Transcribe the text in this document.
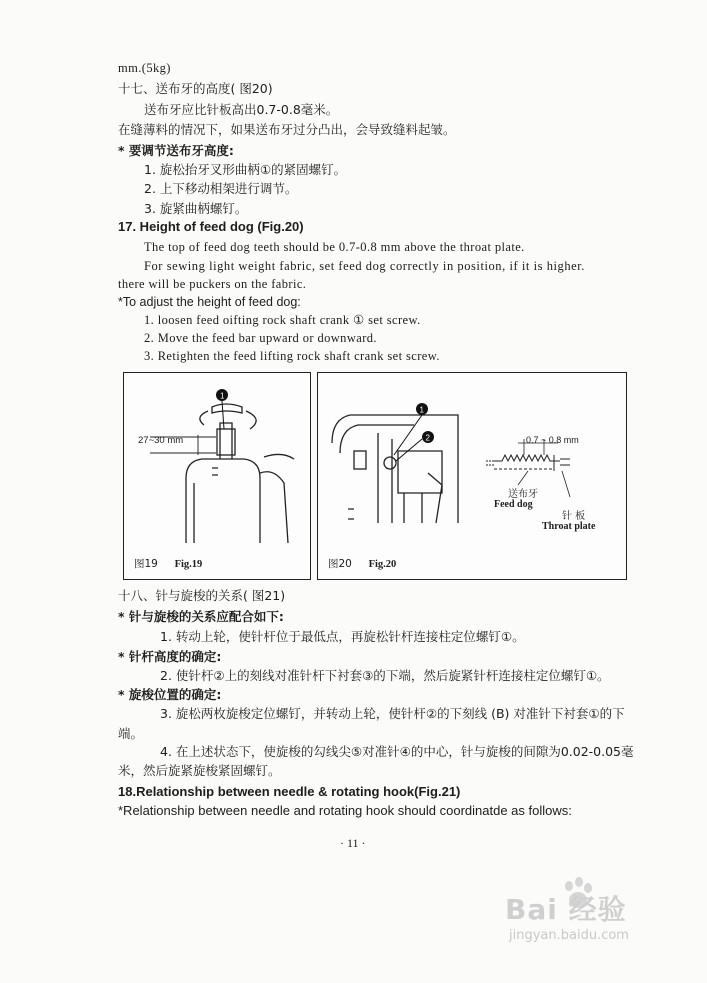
mm.(5kg)
十七、送布牙的高度( 图20)
送布牙应比针板高出0.7-0.8毫米。
在缝薄料的情况下，如果送布牙过分凸出，会导致缝料起皱。
* 要调节送布牙高度:
1. 旋松抬牙叉形曲柄①的紧固螺钉。
2. 上下移动相架进行调节。
3. 旋紧曲柄螺钉。
17. Height of feed dog (Fig.20)
The top of feed dog teeth should be 0.7-0.8 mm above the throat plate.
For sewing light weight fabric, set feed dog correctly in position, if it is higher.
there will be puckers on the fabric.
*To adjust the height of feed dog:
1. loosen feed oifting rock shaft crank ① set screw.
2. Move the feed bar upward or downward.
3. Retighten the feed lifting rock shaft crank set screw.
1
27~30 mm
图19 Fig.19
1
2	0.7 ~ 0.8 mm
送布牙
Feed dog
针 板
Throat plate
图20 Fig.20
十八、针与旋梭的关系( 图21)
* 针与旋梭的关系应配合如下:
1. 转动上轮，使针杆位于最低点，再旋松针杆连接柱定位螺钉①。
* 针杆高度的确定:
2. 使针杆②上的刻线对准针杆下衬套③的下端，然后旋紧针杆连接柱定位螺钉①。
* 旋梭位置的确定:
3. 旋松两枚旋梭定位螺钉，并转动上轮，使针杆②的下刻线 (B) 对准针下衬套①的下
端。
4. 在上述状态下，使旋梭的勾线尖⑤对准针④的中心，针与旋梭的间隙为0.02-0.05毫
米，然后旋紧旋梭紧固螺钉。
18.Relationship between needle & rotating hook(Fig.21)
*Relationship between needle and rotating hook should coordinatde as follows:
· 11 ·
Bai 经验
jingyan.baidu.com
